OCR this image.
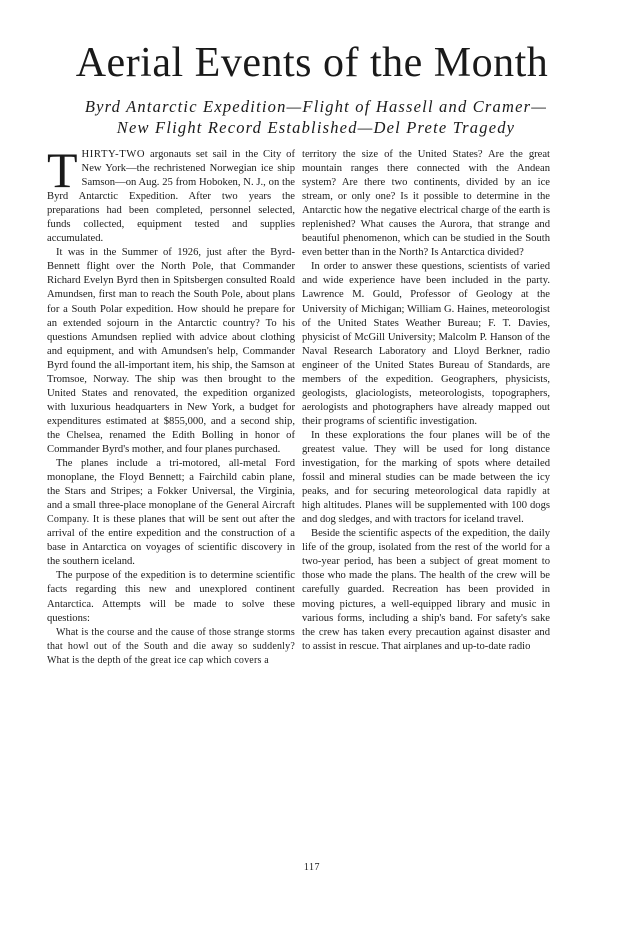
Aerial Events of the Month
Byrd Antarctic Expedition—Flight of Hassell and Cramer—
New Flight Record Established—Del Prete Tragedy

THIRTY-TWO argonauts set sail in the City of New York—the rechristened Norwegian ice ship Samson—on Aug. 25 from Hoboken, N. J., on the Byrd Antarctic Expedition. After two years the preparations had been completed, personnel selected, funds collected, equipment tested and supplies accumulated.

It was in the Summer of 1926, just after the Byrd-Bennett flight over the North Pole, that Commander Richard Evelyn Byrd then in Spitsbergen consulted Roald Amundsen, first man to reach the South Pole, about plans for a South Polar expedition. How should he prepare for an extended sojourn in the Antarctic country? To his questions Amundsen replied with advice about clothing and equipment, and with Amundsen's help, Commander Byrd found the all-important item, his ship, the Samson at Tromsoe, Norway. The ship was then brought to the United States and renovated, the expedition organized with luxurious headquarters in New York, a budget for expenditures estimated at $855,000, and a second ship, the Chelsea, renamed the Edith Bolling in honor of Commander Byrd's mother, and four planes purchased.

The planes include a tri-motored, all-metal Ford monoplane, the Floyd Bennett; a Fairchild cabin plane, the Stars and Stripes; a Fokker Universal, the Virginia, and a small three-place monoplane of the General Aircraft Company. It is these planes that will be sent out after the arrival of the entire expedition and the construction of a base in Antarctica on voyages of scientific discovery in the southern iceland.

The purpose of the expedition is to determine scientific facts regarding this new and unexplored continent Antarctica. Attempts will be made to solve these questions:

What is the course and the cause of those strange storms that howl out of the South and die away so suddenly? What is the depth of the great ice cap which covers a

territory the size of the United States? Are the great mountain ranges there connected with the Andean system? Are there two continents, divided by an ice stream, or only one? Is it possible to determine in the Antarctic how the negative electrical charge of the earth is replenished? What causes the Aurora, that strange and beautiful phenomenon, which can be studied in the South even better than in the North? Is Antarctica divided?

In order to answer these questions, scientists of varied and wide experience have been included in the party. Lawrence M. Gould, Professor of Geology at the University of Michigan; William G. Haines, meteorologist of the United States Weather Bureau; F. T. Davies, physicist of McGill University; Malcolm P. Hanson of the Naval Research Laboratory and Lloyd Berkner, radio engineer of the United States Bureau of Standards, are members of the expedition. Geographers, physicists, geologists, glaciologists, meteorologists, topographers, aerologists and photographers have already mapped out their programs of scientific investigation.

In these explorations the four planes will be of the greatest value. They will be used for long distance investigation, for the marking of spots where detailed fossil and mineral studies can be made between the icy peaks, and for securing meteorological data rapidly at high altitudes. Planes will be supplemented with 100 dogs and dog sledges, and with tractors for iceland travel.

Beside the scientific aspects of the expedition, the daily life of the group, isolated from the rest of the world for a two-year period, has been a subject of great moment to those who made the plans. The health of the crew will be carefully guarded. Recreation has been provided in moving pictures, a well-equipped library and music in various forms, including a ship's band. For safety's sake the crew has taken every precaution against disaster and to assist in rescue. That airplanes and up-to-date radio

117
